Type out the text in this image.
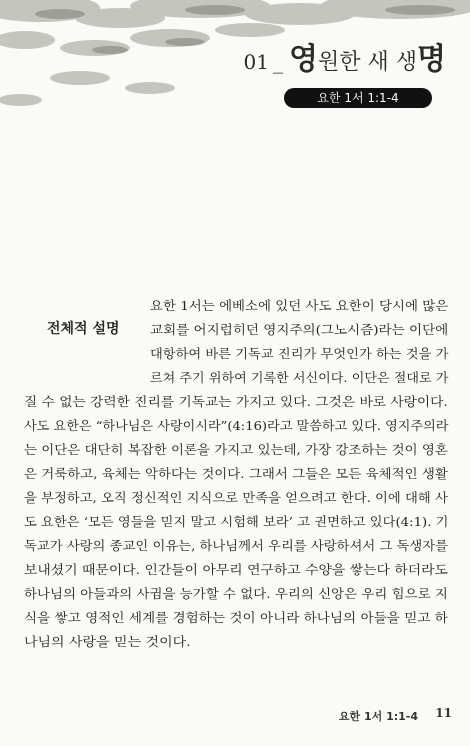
01 _ 영 원한 새 생 명
요한 1서 1:1-4
전체적 설명
요한 1서는 에베소에 있던 사도 요한이 당시에 많은
교회를 어지럽히던 영지주의(그노시즘)라는 이단에
대항하여 바른 기독교 진리가 무엇인가 하는 것을 가
르쳐 주기 위하여 기록한 서신이다. 이단은 절대로 가
질 수 없는 강력한 진리를 기독교는 가지고 있다. 그것은 바로 사랑이다.
사도 요한은 “하나님은 사랑이시라”(4:16)라고 말씀하고 있다. 영지주의라
는 이단은 대단히 복잡한 이론을 가지고 있는데, 가장 강조하는 것이 영혼
은 거룩하고, 육체는 악하다는 것이다. 그래서 그들은 모든 육체적인 생활
을 부정하고, 오직 정신적인 지식으로 만족을 얻으려고 한다. 이에 대해 사
도 요한은 ‘모든 영들을 믿지 말고 시험해 보라’ 고 권면하고 있다(4:1). 기
독교가 사랑의 종교인 이유는, 하나님께서 우리를 사랑하셔서 그 독생자를
보내셨기 때문이다. 인간들이 아무리 연구하고 수양을 쌓는다 하더라도
하나님의 아들과의 사귐을 능가할 수 없다. 우리의 신앙은 우리 힘으로 지
식을 쌓고 영적인 세계를 경험하는 것이 아니라 하나님의 아들을 믿고 하
나님의 사랑을 믿는 것이다.
요한 1서 1:1-4 11
